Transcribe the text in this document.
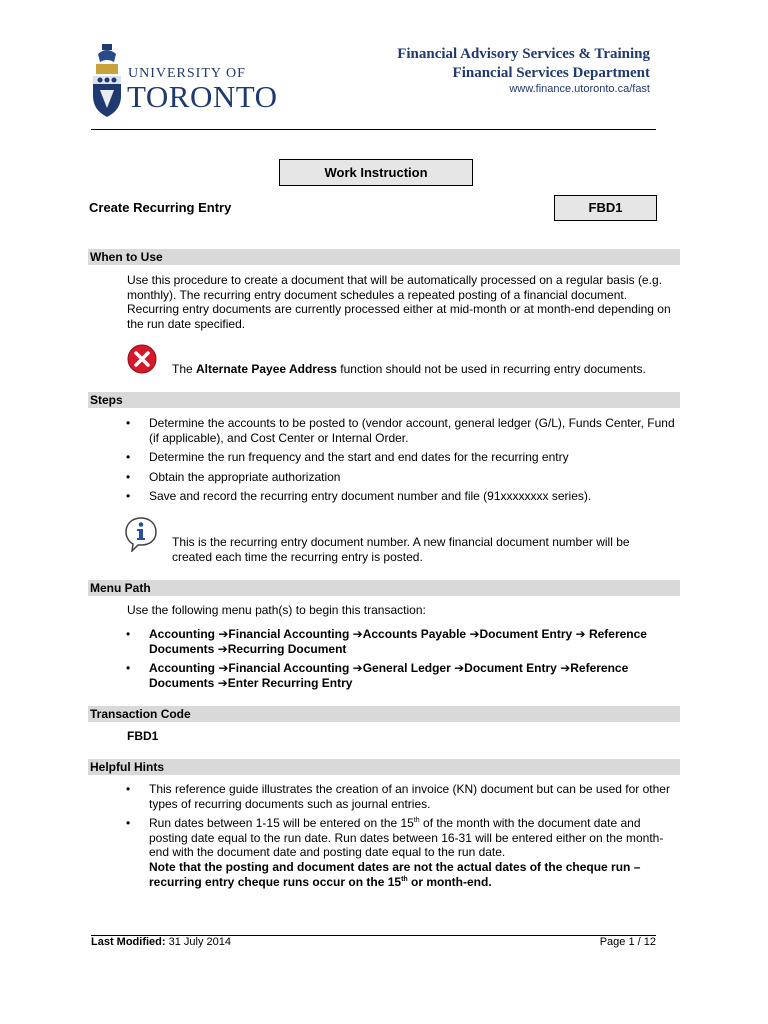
UNIVERSITY OF
TORONTO
Financial Advisory Services & Training
Financial Services Department
www.finance.utoronto.ca/fast
Work Instruction
Create Recurring Entry	FBD1
When to Use
Use this procedure to create a document that will be automatically processed on a regular basis (e.g. monthly). The recurring entry document schedules a repeated posting of a financial document. Recurring entry documents are currently processed either at mid-month or at month-end depending on the run date specified.
The Alternate Payee Address function should not be used in recurring entry documents.
Steps
• Determine the accounts to be posted to (vendor account, general ledger (G/L), Funds Center, Fund (if applicable), and Cost Center or Internal Order.
• Determine the run frequency and the start and end dates for the recurring entry
• Obtain the appropriate authorization
• Save and record the recurring entry document number and file (91xxxxxxxx series).
This is the recurring entry document number. A new financial document number will be created each time the recurring entry is posted.
Menu Path
Use the following menu path(s) to begin this transaction:
• Accounting ➔Financial Accounting ➔Accounts Payable ➔Document Entry ➔ Reference Documents ➔Recurring Document
• Accounting ➔Financial Accounting ➔General Ledger ➔Document Entry ➔Reference Documents ➔Enter Recurring Entry
Transaction Code
FBD1
Helpful Hints
• This reference guide illustrates the creation of an invoice (KN) document but can be used for other types of recurring documents such as journal entries.
• Run dates between 1-15 will be entered on the 15th of the month with the document date and posting date equal to the run date. Run dates between 16-31 will be entered either on the month-end with the document date and posting date equal to the run date.
Note that the posting and document dates are not the actual dates of the cheque run – recurring entry cheque runs occur on the 15th or month-end.
Last Modified: 31 July 2014	Page 1 / 12
